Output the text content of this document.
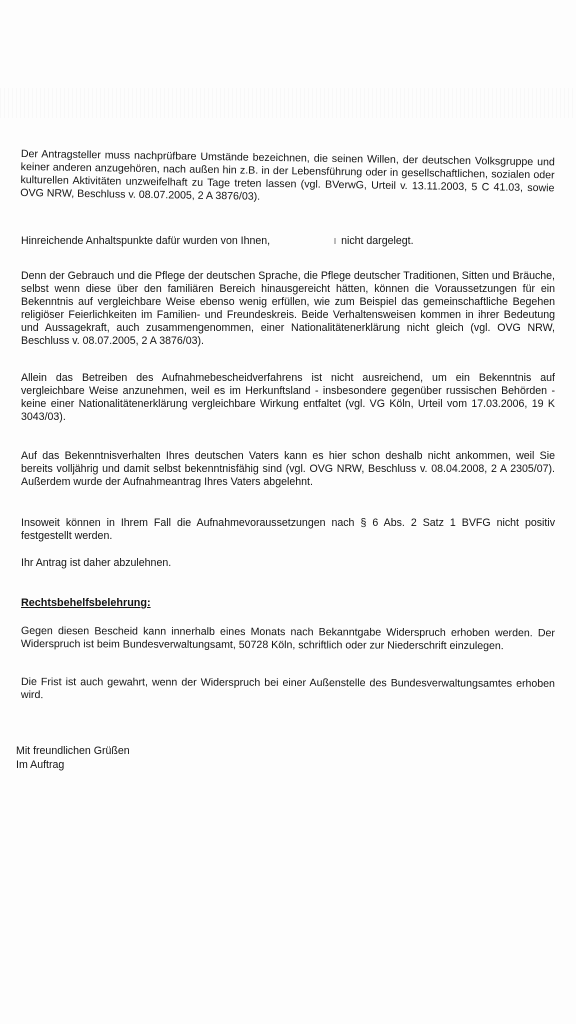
Der Antragsteller muss nachprüfbare Umstände bezeichnen, die seinen Willen, der deutschen Volksgruppe und keiner anderen anzugehören, nach außen hin z.B. in der Lebensführung oder in gesellschaftlichen, sozialen oder kulturellen Aktivitäten unzweifelhaft zu Tage treten lassen (vgl. BVerwG, Urteil v. 13.11.2003, 5 C 41.03, sowie OVG NRW, Beschluss v. 08.07.2005, 2 A 3876/03).

Hinreichende Anhaltspunkte dafür wurden von Ihnen,	nicht dargelegt.

Denn der Gebrauch und die Pflege der deutschen Sprache, die Pflege deutscher Traditionen, Sitten und Bräuche, selbst wenn diese über den familiären Bereich hinausgereicht hätten, können die Voraussetzungen für ein Bekenntnis auf vergleichbare Weise ebenso wenig erfüllen, wie zum Beispiel das gemeinschaftliche Begehen religiöser Feierlichkeiten im Familien- und Freundeskreis. Beide Verhaltensweisen kommen in ihrer Bedeutung und Aussagekraft, auch zusammengenommen, einer Nationalitätenerklärung nicht gleich (vgl. OVG NRW, Beschluss v. 08.07.2005, 2 A 3876/03).

Allein das Betreiben des Aufnahmebescheidverfahrens ist nicht ausreichend, um ein Bekenntnis auf vergleichbare Weise anzunehmen, weil es im Herkunftsland - insbesondere gegenüber russischen Behörden - keine einer Nationalitätenerklärung vergleichbare Wirkung entfaltet (vgl. VG Köln, Urteil vom 17.03.2006, 19 K 3043/03).

Auf das Bekenntnisverhalten Ihres deutschen Vaters kann es hier schon deshalb nicht ankommen, weil Sie bereits volljährig und damit selbst bekenntnisfähig sind (vgl. OVG NRW, Beschluss v. 08.04.2008, 2 A 2305/07). Außerdem wurde der Aufnahmeantrag Ihres Vaters abgelehnt.

Insoweit können in Ihrem Fall die Aufnahmevoraussetzungen nach § 6 Abs. 2 Satz 1 BVFG nicht positiv festgestellt werden.

Ihr Antrag ist daher abzulehnen.

Rechtsbehelfsbelehrung:

Gegen diesen Bescheid kann innerhalb eines Monats nach Bekanntgabe Widerspruch erhoben werden. Der Widerspruch ist beim Bundesverwaltungsamt, 50728 Köln, schriftlich oder zur Niederschrift einzulegen.

Die Frist ist auch gewahrt, wenn der Widerspruch bei einer Außenstelle des Bundesverwaltungsamtes erhoben wird.

Mit freundlichen Grüßen
Im Auftrag
